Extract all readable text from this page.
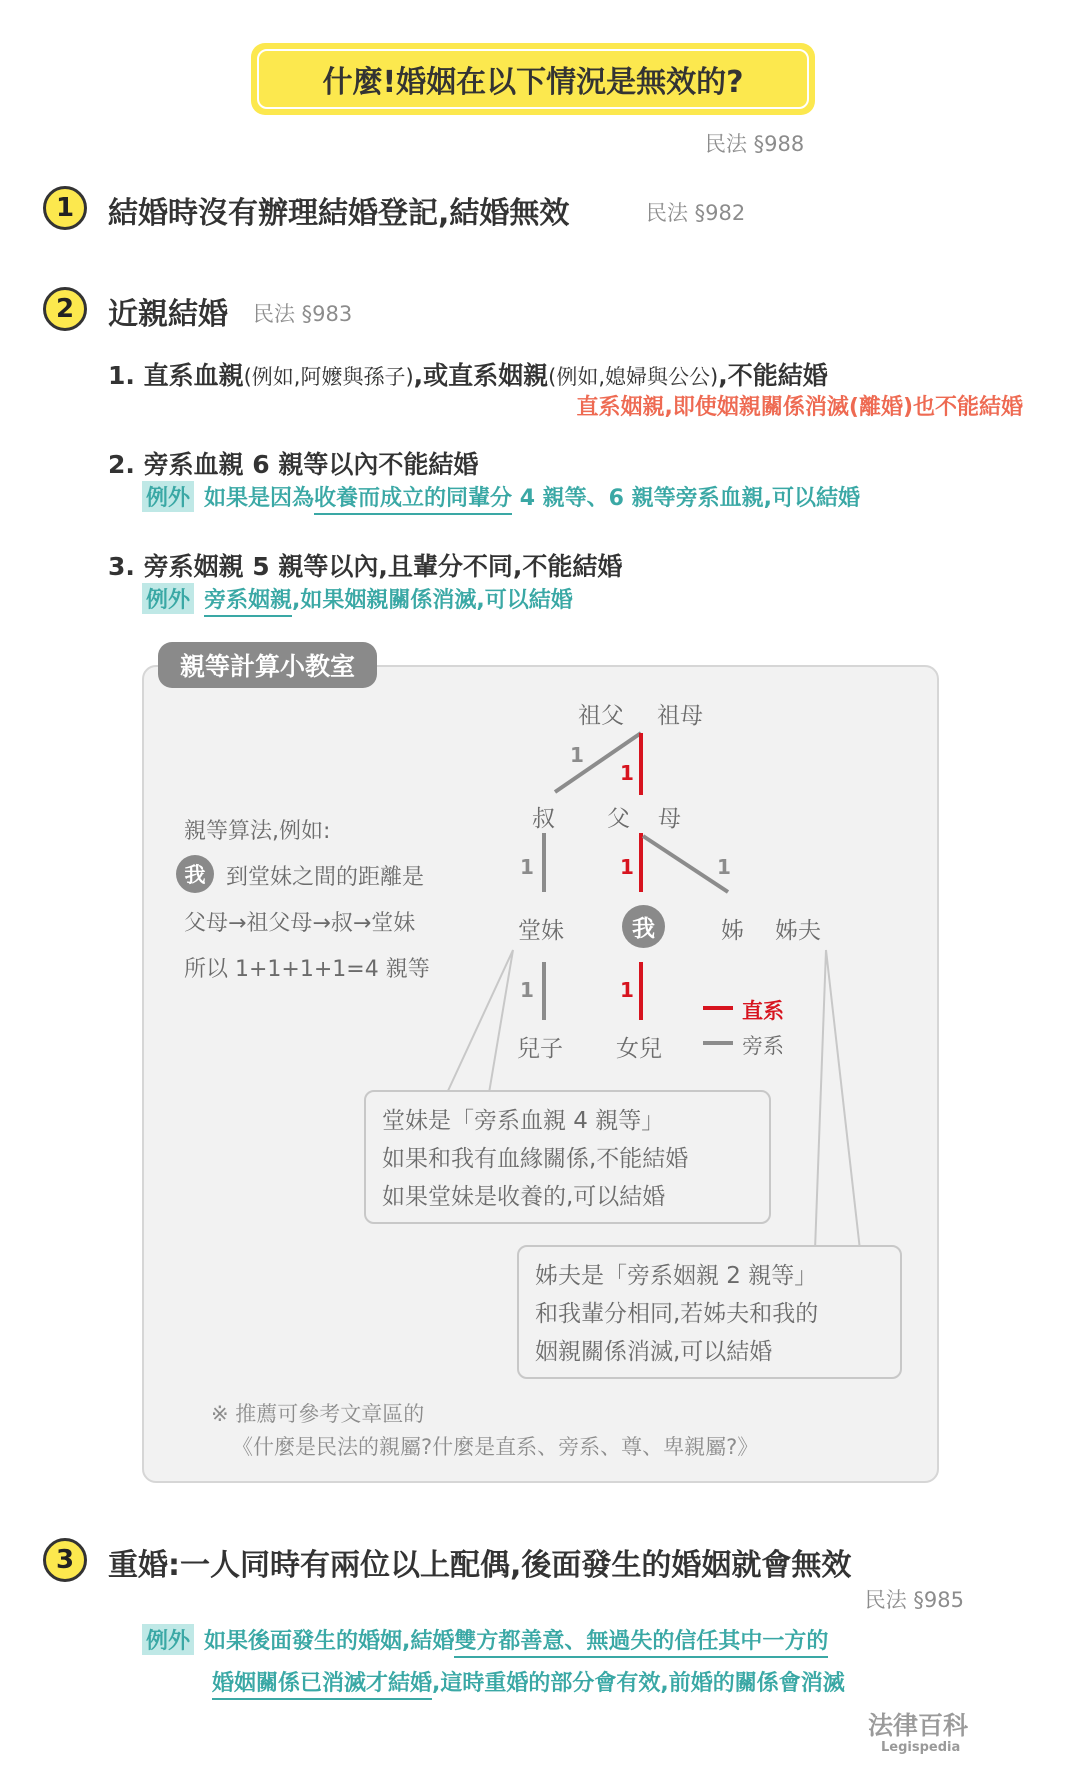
什麼!婚姻在以下情況是無效的?
民法 §988
1	結婚時沒有辦理結婚登記,結婚無效	民法 §982
2	近親結婚 民法 §983
1. 直系血親(例如,阿嬤與孫子),或直系姻親(例如,媳婦與公公),不能結婚
直系姻親,即使姻親關係消滅(離婚)也不能結婚
2. 旁系血親 6 親等以內不能結婚
例外 如果是因為收養而成立的同輩分 4 親等、6 親等旁系血親,可以結婚
3. 旁系姻親 5 親等以內,且輩分不同,不能結婚
例外 旁系姻親,如果姻親關係消滅,可以結婚
親等計算小教室
親等算法,例如:
我 到堂妹之間的距離是
父母→祖父母→叔→堂妹
所以 1+1+1+1=4 親等
祖父 祖母
1
1
叔 父 母
1	1	1
堂妹	我	姊 姊夫
1	1
直系
旁系
兒子 女兒
堂妹是「旁系血親 4 親等」
如果和我有血緣關係,不能結婚
如果堂妹是收養的,可以結婚
姊夫是「旁系姻親 2 親等」
和我輩分相同,若姊夫和我的
姻親關係消滅,可以結婚
※ 推薦可參考文章區的
《什麼是民法的親屬?什麼是直系、旁系、尊、卑親屬?》
3	重婚:一人同時有兩位以上配偶,後面發生的婚姻就會無效
民法 §985
例外 如果後面發生的婚姻,結婚雙方都善意、無過失的信任其中一方的
婚姻關係已消滅才結婚,這時重婚的部分會有效,前婚的關係會消滅
法律百科
Legispedia
